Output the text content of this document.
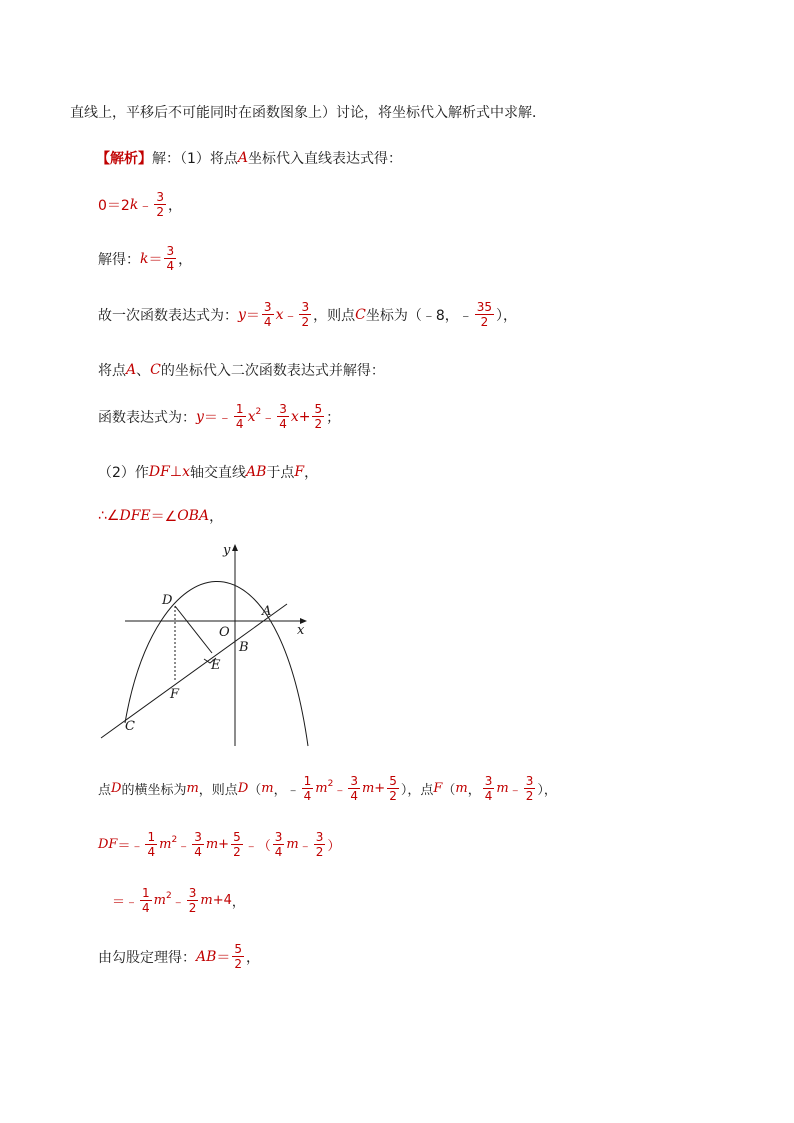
直线上，平移后不可能同时在函数图象上）讨论，将坐标代入解析式中求解．
【解析】 解：（1）将点 A 坐标代入直线表达式得：
0＝2 k ﹣ $\frac{3}{2}$ ，
解得： $k = \frac{3}{4}$ ，
故一次函数表达式为： $y = \frac{3}{4}$ x ﹣ $\frac{3}{2}$ ，则点 C 坐标为（﹣8，﹣ $\frac{35}{2}$ ），
将点 A 、 C 的坐标代入二次函数表达式并解得：
函数表达式为： y ＝﹣ $\frac{1}{4}$ x 2 ﹣ $\frac{3}{4}$ $x + \frac{5}{2}$ ；
（2）作 DF ⊥ x 轴交直线 AB 于点 F ，
∴∠ DFE ＝∠ OBA ，
y
x
O
A
B
C
D
E
F
点 D 的横坐标为 m ，则点 D （ m ，﹣ $\frac{1}{4}$ m 2 ﹣ $\frac{3}{4}$ $m + \frac{5}{2}$ ），点 F （ m ， $\frac{3}{4}$ m ﹣ $\frac{3}{2}$ ），
DF ＝﹣ $\frac{1}{4}$ m 2 ﹣ $\frac{3}{4}$ $m + \frac{5}{2}$ ﹣（ $\frac{3}{4}$ m ﹣ $\frac{3}{2}$ ）
＝﹣ $\frac{1}{4}$ m 2 ﹣ $\frac{3}{2}$ m +4 ，
由勾股定理得： AB ＝ $\frac{5}{2}$ ，
